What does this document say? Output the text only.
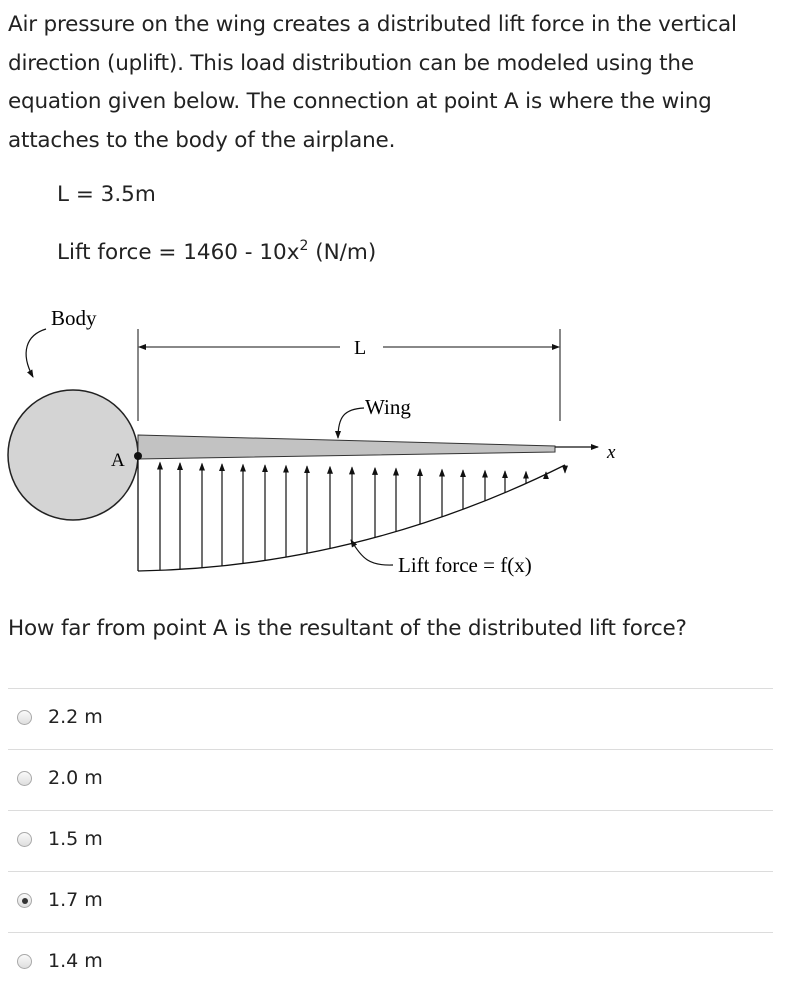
Air pressure on the wing creates a distributed lift force in the vertical direction (uplift). This load distribution can be modeled using the equation given below. The connection at point A is where the wing attaches to the body of the airplane.

L = 3.5m

Lift force = $1460 - 10x^2$ (N/m)

Body
A	x
L
Wing
Lift force = f(x)

How far from point A is the resultant of the distributed lift force?

2.2 m
2.0 m
1.5 m
1.7 m
1.4 m
